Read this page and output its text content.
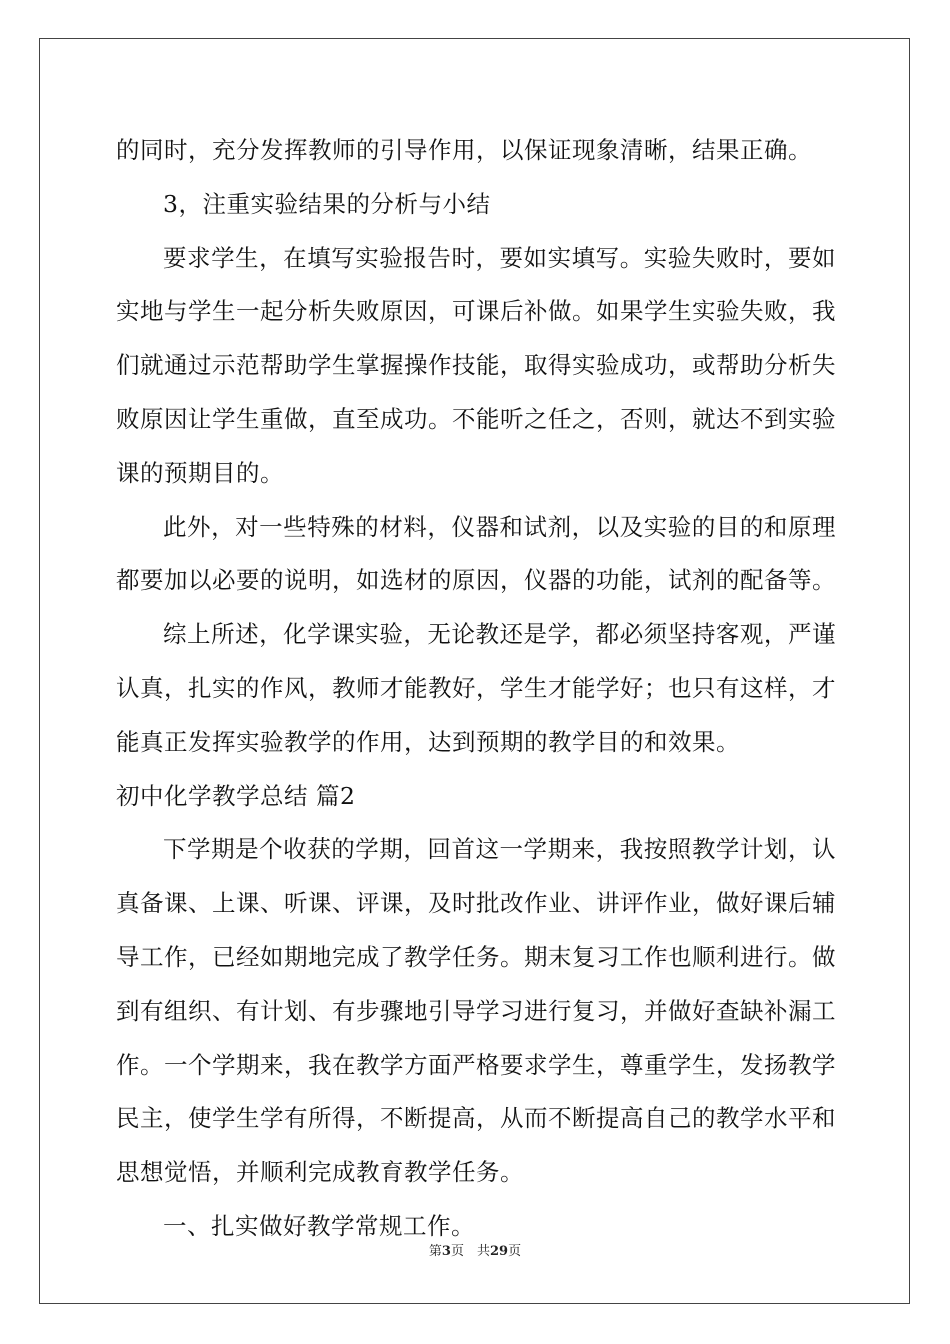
的同时，充分发挥教师的引导作用，以保证现象清晰，结果正确。
3，注重实验结果的分析与小结
要求学生，在填写实验报告时，要如实填写。实验失败时，要如
实地与学生一起分析失败原因，可课后补做。如果学生实验失败，我
们就通过示范帮助学生掌握操作技能，取得实验成功，或帮助分析失
败原因让学生重做，直至成功。不能听之任之，否则，就达不到实验
课的预期目的。
此外，对一些特殊的材料，仪器和试剂，以及实验的目的和原理
都要加以必要的说明，如选材的原因，仪器的功能，试剂的配备等。
综上所述，化学课实验，无论教还是学，都必须坚持客观，严谨
认真，扎实的作风，教师才能教好，学生才能学好；也只有这样，才
能真正发挥实验教学的作用，达到预期的教学目的和效果。
初中化学教学总结 篇2
下学期是个收获的学期，回首这一学期来，我按照教学计划，认
真备课、上课、听课、评课，及时批改作业、讲评作业，做好课后辅
导工作，已经如期地完成了教学任务。期末复习工作也顺利进行。做
到有组织、有计划、有步骤地引导学习进行复习，并做好查缺补漏工
作。一个学期来，我在教学方面严格要求学生，尊重学生，发扬教学
民主，使学生学有所得，不断提高，从而不断提高自己的教学水平和
思想觉悟，并顺利完成教育教学任务。
一、扎实做好教学常规工作。
第3页　共29页
